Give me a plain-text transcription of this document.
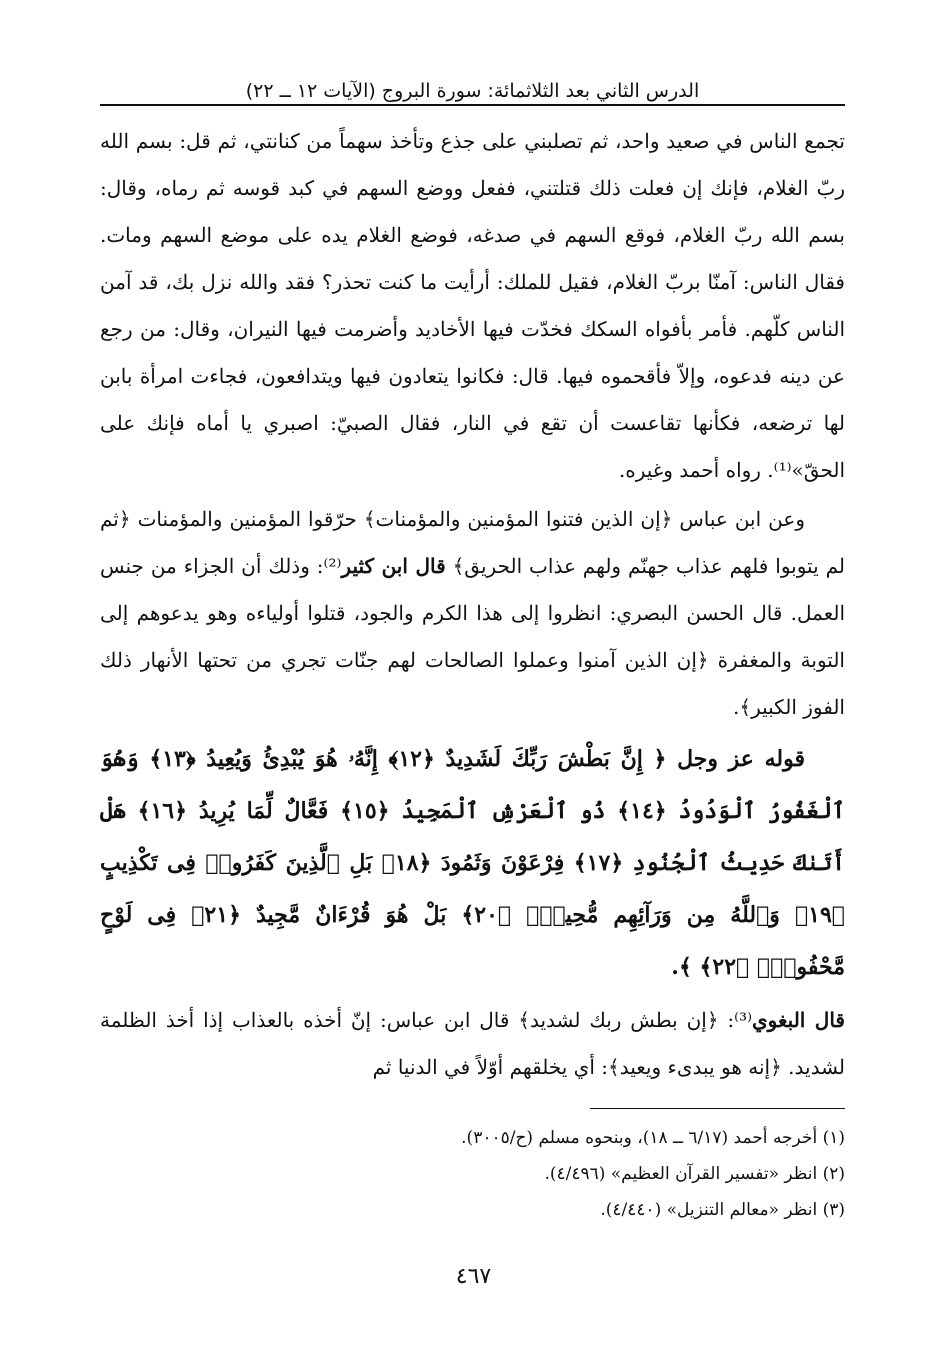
الدرس الثاني بعد الثلاثمائة: سورة البروج (الآيات ١٢ ــ ٢٢)

تجمع الناس في صعيد واحد، ثم تصلبني على جذع وتأخذ سهماً من كنانتي، ثم قل: بسم الله ربّ الغلام، فإنك إن فعلت ذلك قتلتني، ففعل ووضع السهم في كبد قوسه ثم رماه، وقال: بسم الله ربّ الغلام، فوقع السهم في صدغه، فوضع الغلام يده على موضع السهم ومات. فقال الناس: آمنّا بربّ الغلام، فقيل للملك: أرأيت ما كنت تحذر؟ فقد والله نزل بك، قد آمن الناس كلّهم. فأمر بأفواه السكك فخدّت فيها الأخاديد وأضرمت فيها النيران، وقال: من رجع عن دينه فدعوه، وإلاّ فأقحموه فيها. قال: فكانوا يتعادون فيها ويتدافعون، فجاءت امرأة بابن لها ترضعه، فكأنها تقاعست أن تقع في النار، فقال الصبيّ: اصبري يا أماه فإنك على الحقّ»⁽¹⁾. رواه أحمد وغيره.

وعن ابن عباس ﴿إن الذين فتنوا المؤمنين والمؤمنات﴾ حرّقوا المؤمنين والمؤمنات ﴿ثم لم يتوبوا فلهم عذاب جهنّم ولهم عذاب الحريق﴾ قال ابن كثير⁽²⁾: وذلك أن الجزاء من جنس العمل. قال الحسن البصري: انظروا إلى هذا الكرم والجود، قتلوا أولياءه وهو يدعوهم إلى التوبة والمغفرة ﴿إن الذين آمنوا وعملوا الصالحات لهم جنّات تجري من تحتها الأنهار ذلك الفوز الكبير﴾.

قوله عز وجل ﴿ إِنَّ بَطْشَ رَبِّكَ لَشَدِيدٌ ﴿١٢﴾ إِنَّهُۥ هُوَ يُبْدِئُ وَيُعِيدُ ﴿١٣﴾ وَهُوَ ٱلْغَفُورُ ٱلْوَدُودُ ﴿١٤﴾ ذُو ٱلْعَرْشِ ٱلْمَجِيدُ ﴿١٥﴾ فَعَّالٌ لِّمَا يُرِيدُ ﴿١٦﴾ هَلْ أَتَىٰكَ حَدِيثُ ٱلْجُنُودِ ﴿١٧﴾ فِرْعَوْنَ وَثَمُودَ ﴿١٨﴾ بَلِ ٱلَّذِينَ كَفَرُوا۟ فِى تَكْذِيبٍ ﴿١٩﴾ وَٱللَّهُ مِن وَرَآئِهِم مُّحِيطٌۢ ﴿٢٠﴾ بَلْ هُوَ قُرْءَانٌ مَّجِيدٌ ﴿٢١﴾ فِى لَوْحٍ مَّحْفُوظٍۭ ﴿٢٢﴾ ﴾.

قال البغوي⁽³⁾: ﴿إن بطش ربك لشديد﴾ قال ابن عباس: إنّ أخذه بالعذاب إذا أخذ الظلمة لشديد. ﴿إنه هو يبدىء ويعيد﴾: أي يخلقهم أوّلاً في الدنيا ثم

(١) أخرجه أحمد (٦/١٧ ــ ١٨)، وبنحوه مسلم (ح/٣٠٠٥).

(٢) انظر «تفسير القرآن العظيم» (٤/٤٩٦).

(٣) انظر «معالم التنزيل» (٤/٤٤٠).

٤٦٧
